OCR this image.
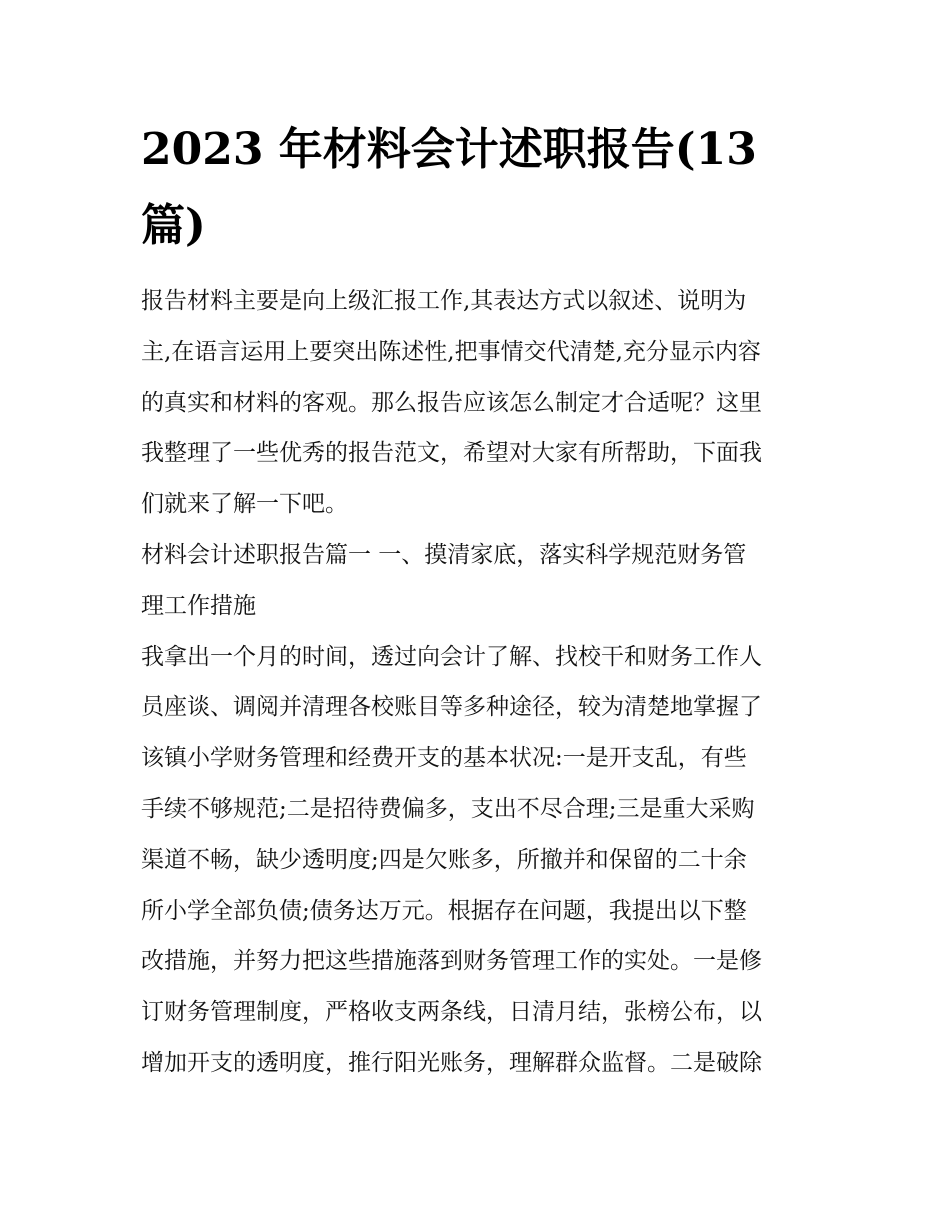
2023 年材料会计述职报告(13
篇)
报告材料主要是向上级汇报工作,其表达方式以叙述、说明为
主,在语言运用上要突出陈述性,把事情交代清楚,充分显示内容
的真实和材料的客观。那么报告应该怎么制定才合适呢？这里
我整理了一些优秀的报告范文，希望对大家有所帮助，下面我
们就来了解一下吧。
材料会计述职报告篇一 一、摸清家底，落实科学规范财务管
理工作措施
我拿出一个月的时间，透过向会计了解、找校干和财务工作人
员座谈、调阅并清理各校账目等多种途径，较为清楚地掌握了
该镇小学财务管理和经费开支的基本状况:一是开支乱，有些
手续不够规范;二是招待费偏多，支出不尽合理;三是重大采购
渠道不畅，缺少透明度;四是欠账多，所撤并和保留的二十余
所小学全部负债;债务达万元。根据存在问题，我提出以下整
改措施，并努力把这些措施落到财务管理工作的实处。一是修
订财务管理制度，严格收支两条线，日清月结，张榜公布，以
增加开支的透明度，推行阳光账务，理解群众监督。二是破除
